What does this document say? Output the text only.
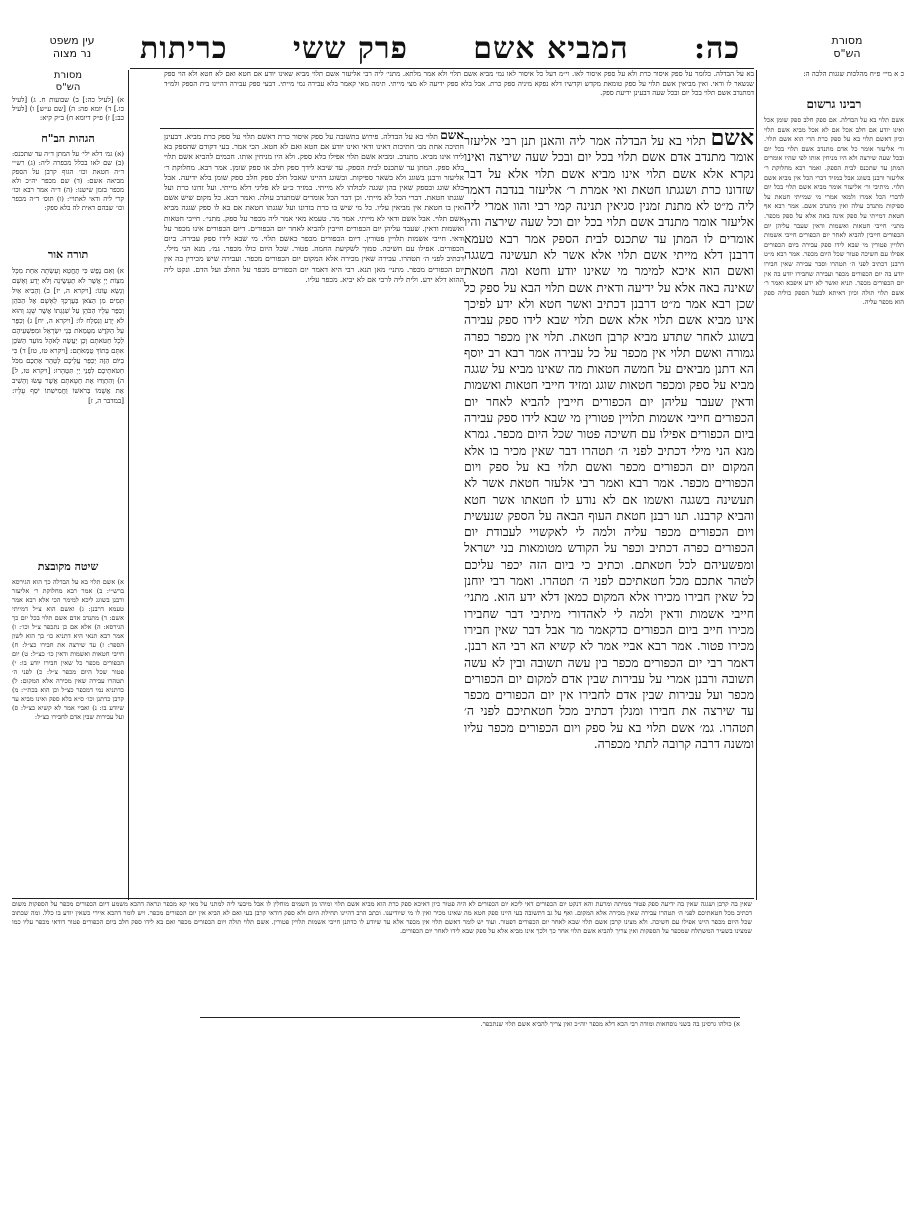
עין משפט
נר מצוה
מסורת
הש"ס
כה:
המביא אשם
פרק ששי
כריתות

כ א מיי׳ פ״ח מהלכות שגגות הלכה ה:

רבינו גרשום

אשם תלוי בא על הבדלה. אם ספק חלב ספק שומן אכל ואינו יודע אם חלב אכל אם לא אכל מביא אשם תלוי וכיון דאשם תלוי בא על ספק כרת הרי הוא אשם תלוי. ור׳ אליעזר אומר כל אדם מתנדב אשם תלוי בכל יום ובכל שעה שירצה ולא היו מניחין אותו לפי שהיו אומרים המתן עד שתכנס לבית הספק. ואמר רבא מחלוקת ר׳ אליעזר ורבנן בשוגג אבל במזיד דברי הכל אין מביא אשם תלוי. מיתיבי ור׳ אליעזר אומר מביא אשם תלוי בכל יום לדברי הכל אמרו ולמאי אמרי מי שמייתי חטאת על ספיקות מתנדב עולה ואין מתנדב אשם. אמר רבא אף חטאת דמייתי על ספק אינה באה אלא על ספק מכפר. מתני׳ חייבי חטאות ואשמות ודאין שעבר עליהן יום הכפורים חייבין להביא לאחר יום הכפורים חייבי אשמות תלויין פטורין מי שבא לידו ספק עבירה ביום הכפורים אפילו עם חשיכה פטור שכל היום מכפר. אמר רבא מ״ט דרבנן דכתיב לפני ה׳ תטהרו וסבר עבירה שאין חבירו יודע בה יום הכפורים מכפר ועבירה שחבירו יודע בה אין יום הכפורים מכפר. תניא ואשר לא ידע איפכא ואמר ר׳ אשם תלוי תולה וכיון דאיתא לבעל הספק כוליה ספק הוא מכפר עליה.

בא על הבדלה. כלומר על ספק איסור כרת ולא על ספק איסור לאו. וי״מ דעל כל איסור לאו נמי מביא אשם תלוי ולא אמר מלתא. מתני׳ ליה רבי אליעזר אשם תלוי מביא שאינו יודע אם חטא ואם לא חטא ולא הוי ספק שנשאר לו ודאי. ואין מביאין אשם תלוי על ספק טומאת מקדש וקדשיו דלא נפקא מיניה ספק כרת. אבל בלא ספק ידיעה לא מצי מייתי. תימה מאי קאמר בלא עבירה נמי מייתי. דבעי ספק עבירה דהיינו בית הספק ולמ״ד דמתנדב אשם תלוי בכל יום ובכל שעה דבעינן ידיעת ספק.

אשם תלוי בא על הבדלה אמר ליה והאנן תנן רבי אליעזר אומר מתנדב אדם אשם תלוי בכל יום ובכל שעה שירצה ואינו נקרא אלא אשם תלוי אינו מביא אשם תלוי אלא על דבר שזדונו כרת ושגגתו חטאת ואי אמרת ר׳ אליעזר בנדבה דאמר ליה מ״ט לא מתנת זמנין סגיאין תנינה קמי רבי והוו אמרי ליה אליעזר אומר מתנדב אשם תלוי בכל יום וכל שעה שירצה והיו אומרים לו המתן עד שתכנס לבית הספק אמר רבא טעמא דרבנן דלא מייתי אשם תלוי אלא אשר לא תעשינה בשגגה ואשם הוא איכא למימר מי שאינו יודע וחטא ומה חטאת שאינה באה אלא על ידיעה ודאית אשם תלוי הבא על ספק כל שכן רבא אמר מ״ט דרבנן דכתיב ואשר חטא ולא ידע לפיכך אינו מביא אשם תלוי אלא אשם תלוי שבא לידו ספק עבירה בשוגג לאחר שתדע מביא קרבן חטאת. תלוי אין מכפר כפרה גמורה ואשם תלוי אין מכפר על כל עבירה אמר רבא רב יוסף הא דתנן מביאים על חמשה חטאות מה שאינו מביא על שגגה מביא על ספק ומכפר חטאות שוגג ומזיד חייבי חטאות ואשמות ודאין שעבר עליהן יום הכפורים חייבין להביא לאחר יום הכפורים חייבי אשמות תלויין פטורין מי שבא לידו ספק עבירה ביום הכפורים אפילו עם חשיכה פטור שכל היום מכפר. גמרא מנא הני מילי דכתיב לפני ה׳ תטהרו דבר שאין מכיר בו אלא המקום יום הכפורים מכפר ואשם תלוי בא על ספק ויום הכפורים מכפר. אמר רבא ואמר רבי אלעזר חטאת אשר לא תעשינה בשגגה ואשמו אם לא נודע לו חטאתו אשר חטא והביא קרבנו. תנו רבנן חטאת העוף הבאה על הספק שנעשית ויום הכפורים מכפר עליה ולמה לי לאקשויי לעבודת יום הכפורים כפרה דכתיב וכפר על הקודש מטומאות בני ישראל ומפשעיהם לכל חטאתם. וכתיב כי ביום הזה יכפר עליכם לטהר אתכם מכל חטאתיכם לפני ה׳ תטהרו. ואמר רבי יוחנן כל שאין חבירו מכירו אלא המקום כמאן דלא ידע הוא. מתני׳ חייבי אשמות ודאין ולמה לי לאהדורי מיתיבי דבר שחבירו מכירו חייב ביום הכפורים כדקאמר מר אבל דבר שאין חבירו מכירו פטור. אמר רבא אביי אמר לא קשיא הא רבי הא רבנן. דאמר רבי יום הכפורים מכפר בין עשה תשובה ובין לא עשה תשובה ורבנן אמרי על עבירות שבין אדם למקום יום הכפורים מכפר ועל עבירות שבין אדם לחבירו אין יום הכפורים מכפר עד שירצה את חבירו ומנלן דכתיב מכל חטאתיכם לפני ה׳ תטהרו. גמ׳ אשם תלוי בא על ספק ויום הכפורים מכפר עליו ומשנה דרבה קרובה לתתי מכפרה.

אשם תלוי בא על הבדלה. פירוש בתשובה על ספק איסור כרת דאשם תלוי על ספק כרת מביא. דבעינן חתיכה אחת מב׳ חתיכות דאינו ודאי ואינו יודע אם חטא ואם לא חטא. הכי אמר. בעי דקודם שהספק בא לידו אינו מביא. מתנדב. ומביא אשם תלוי אפילו בלא ספק. ולא היו מניחין אותו. חכמים להביא אשם תלוי בלא ספק. המתן עד שתכנס לבית הספק. עד שיבא לידך ספק חלב או ספק שומן. אמר רבא. מחלוקת ר׳ אליעזר ורבנן בשוגג ולא בשאר ספיקות. ובשוגג דהיינו שאכל חלב ספק חלב ספק שומן בלא ידיעה. אבל בלא שוגג ובספק שאין בהן שגגה לכולהו לא מייתי. במזיד כ״ע לא פליגי דלא מייתי. ועל זדונו כרת ועל שגגתו חטאת. דברי הכל לא מייתי. וכן דבר הכל אומרים שמתנדב עולה. ואמר רבא. כל מקום שיש אשם ואין בו חטאת אין מביאין עליו. כל מי שיש בו כרת בזדונו ועל שגגתו חטאת אם בא לו ספק שגגה מביא אשם תלוי. אבל אשם ודאי לא מייתי. אמר מר. טעמא מאי אמר ליה מכפר על ספק. מתני׳. חייבי חטאות ואשמות ודאין. שעבר עליהן יום הכפורים חייבין להביא לאחר יום הכפורים. דיום הכפורים אינו מכפר על ודאי. חייבי אשמות תלויין פטורין. דיום הכפורים מכפר כאשם תלוי. מי שבא לידו ספק עבירה. ביום הכפורים. אפילו עם חשיכה. סמוך לשקיעת החמה. פטור. שכל היום כולו מכפר. גמ׳. מנא הני מילי. דכתיב לפני ה׳ תטהרו. עבירה שאין מכירה אלא המקום יום הכפורים מכפר. ועבירה שיש מכירין בה אין יום הכפורים מכפר. מתני׳ מאן תנא. רבי היא דאמר יום הכפורים מכפר על החלב ועל הדם. ונקט ליה ההוא דלא ידע. ולית ליה לרבי אם לא יביא. מכפר עליו.

מסורת
הש"ס

א) [לעיל כה:] ב) שבועות ח. ג) [לעיל כו.] ד) יומא פה: ה) [שם ע״ש] ו) [לעיל כב:] ז) פ״ק דיומא ח) ב״ק קיא:

הגהות הב"ח

(א) גמ׳ דלא ילי׳ על המתן ד״ה עד שתכנס: (ב) שם לאו בכלל מכפרה ליה: (ג) רש״י ד״ה חטאת וכו׳ הגוף קרבן על הספק מביאה אשם: (ד) שם מכפר יה״כ ולא מכפר בזמן שישנו: (ה) ד״ה אמר רבא וכו׳ קרי ליה ודאי לאתויי: (ו) תוס׳ ד״ה מכפר וכו׳ שבהם דאית לה בלא ספק:

תורה אור

א) וְאִם נֶפֶשׁ כִּי תֶחֱטָא וְעָשְׂתָה אַחַת מִכָּל מִצְוֹת יְיָ אֲשֶׁר לֹא תֵעָשֶׂינָה וְלֹא יָדַע וְאָשֵׁם וְנָשָׂא עֲוֹנוֹ: [ויקרא ה, יז] ב) וְהֵבִיא אַיִל תָּמִים מִן הַצֹּאן בְּעֶרְכְּךָ לְאָשָׁם אֶל הַכֹּהֵן וְכִפֶּר עָלָיו הַכֹּהֵן עַל שִׁגְגָתוֹ אֲשֶׁר שָׁגָג וְהוּא לֹא יָדַע וְנִסְלַח לוֹ: [ויקרא ה, יח] ג) וְכִפֶּר עַל הַקֹּדֶשׁ מִטֻּמְאֹת בְּנֵי יִשְׂרָאֵל וּמִפִּשְׁעֵיהֶם לְכָל חַטֹּאתָם וְכֵן יַעֲשֶׂה לְאֹהֶל מוֹעֵד הַשֹּׁכֵן אִתָּם בְּתוֹךְ טֻמְאֹתָם: [ויקרא טז, טז] ד) כִּי בַיּוֹם הַזֶּה יְכַפֵּר עֲלֵיכֶם לְטַהֵר אֶתְכֶם מִכֹּל חַטֹּאתֵיכֶם לִפְנֵי יְיָ תִּטְהָרוּ: [ויקרא טז, ל] ה) וְהִתְוַדּוּ אֶת חַטָּאתָם אֲשֶׁר עָשׂוּ וְהֵשִׁיב אֶת אֲשָׁמוֹ בְּרֹאשׁוֹ וַחֲמִישִׁתוֹ יֹסֵף עָלָיו: [במדבר ה, ז]

שיטה מקובצת

א) אשם תלוי בא על הבדלה כך הוא הגירסא ברש״י: ב) אמר רבא מחלוקת ר׳ אליעזר ורבנן בשוגג ליכא למימר הכי אלא רבא אמר טעמא דרבנן: ג) ואשם הוא צ״ל דמייתי אשם: ד) מתנדב אדם אשם תלוי בכל יום כך הגירסא: ה) אלא אם כן נתכפר צ״ל וכו׳: ו) אמר רבא תנאי היא דתניא כו׳ כך הוא לשון הספר: ז) עד שירצה את חבירו כצ״ל: ח) חייבי חטאות ואשמות ודאין כו׳ כצ״ל: ט) יום הכפורים מכפר כל שאין חבירו יודע בו: י) פטור שכל היום מכפר צ״ל: כ) לפני ה׳ תטהרו עבירה שאין מכירה אלא המקום: ל) כדתניא נמי דמכפר כצ״ל וכן הוא בכת״י: מ) קרבן כדתנן וכו׳ ס״א בלא ספק ואינו מביא עד שיודע בו: נ) ואביי אמר לא קשיא כצ״ל: ס) ועל עבירות שבין אדם לחבירו כצ״ל:

שאין בה קרבן ושגגה שאין בה ידיעה ספק פטור ממיתה ומרעת והא דנקט יום הכפורים דאי ליכא יום הכפורים לא היה פטור כיון דאיכא ספק כרת הוא מביא אשם תלוי ומיהו מן השמים מוחלין לו אבל מיבעי ליה למתני על מאי קא מכפר ונראה דהכא משמע דיום הכפורים מכפר על הספקות משום דכתיב מכל חטאתיכם לפני ה׳ תטהרו עבירה שאין מכירה אלא המקום. ואף על גב דתשובה בעי היינו ספק חטא מה שאינו מכיר ואין לו מי שיודיענו. וכתב הרב דהיינו תחילת היום ולא ספק דודאי קרבן בעי ואם לא הביא אין יום הכפורים מכפר. ויש לומר דהכא איירי כשאין יודע בו כלל. ומה שכתוב שכל היום מכפר היינו אפילו עם חשיכה. ולא מצינו קרבן אשם תלוי שבא לאחר יום הכפורים דפטור. ועוד יש לומר דאשם תלוי אין מכפר אלא עד שיודע לו כדתנן חייבי אשמות תלויין פטורין. אשם תלוי תולה ויום הכפורים מכפר ואם בא לידו ספק חלב ביום הכפורים פטור דודאי מכפר עליו כמו שמצינו בשעיר המשתלח שמכפר על הספקות ואין צריך להביא אשם תלוי אחר כך ולכך אינו מביא אלא על ספק שבא לידו לאחר יום הכפורים.

א) כולהו גרסינן בה בשני נוסחאות ומודה רבי הכא דלא מכפר יוה״כ ואין צריך להביא אשם תלוי שנתכפר.
